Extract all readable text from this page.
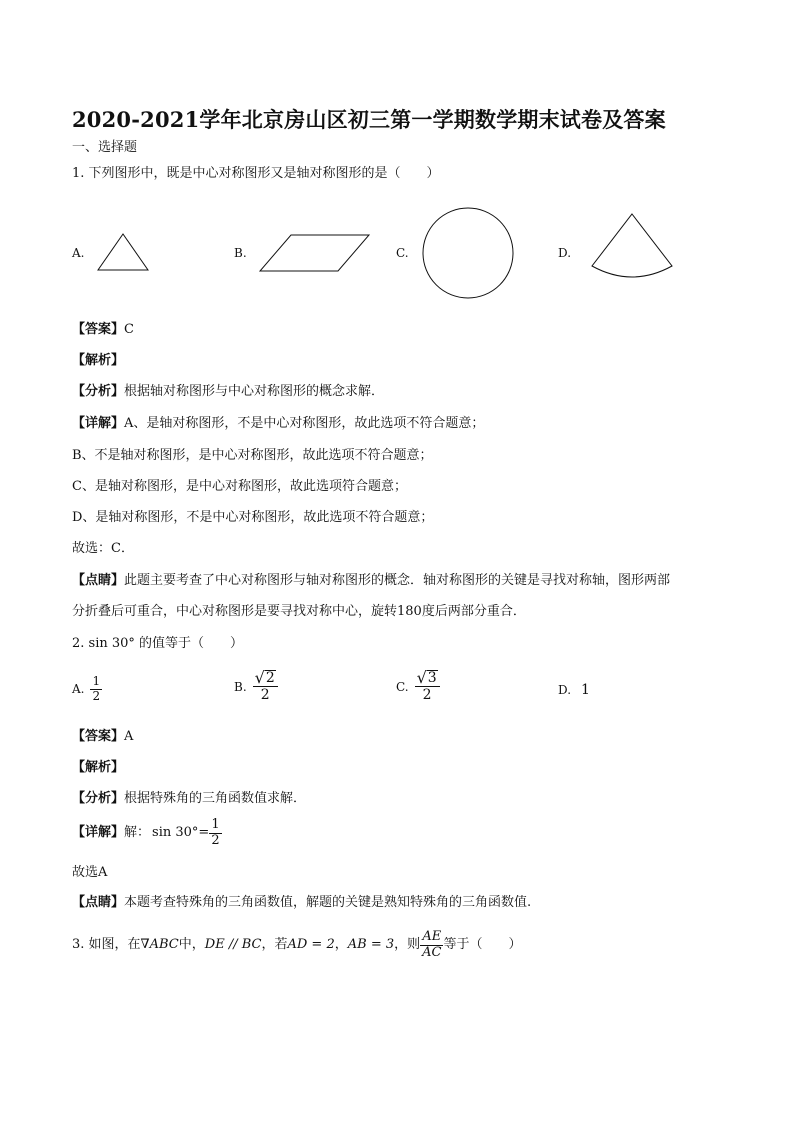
2020-2021学年北京房山区初三第一学期数学期末试卷及答案
一、选择题
1. 下列图形中，既是中心对称图形又是轴对称图形的是（　　）
A.	B.	C.	D.
【答案】C
【解析】
【分析】根据轴对称图形与中心对称图形的概念求解．
【详解】A、是轴对称图形，不是中心对称图形，故此选项不符合题意；
B、不是轴对称图形，是中心对称图形，故此选项不符合题意；
C、是轴对称图形，是中心对称图形，故此选项符合题意；
D、是轴对称图形，不是中心对称图形，故此选项不符合题意；
故选：C．
【点睛】此题主要考查了中心对称图形与轴对称图形的概念．轴对称图形的关键是寻找对称轴，图形两部
分折叠后可重合，中心对称图形是要寻找对称中心，旋转180度后两部分重合．
2. sin 30° 的值等于（　　）
A. $\frac{1}{2}$	B. $\frac{√ 2}{2}$	C. $\frac{√ 3}{2}$	D. 1
【答案】A
【解析】
【分析】根据特殊角的三角函数值求解．
【详解】 解： $\sin 30^\circ= \frac{1}{2}$
故选A
【点睛】本题考查特殊角的三角函数值，解题的关键是熟知特殊角的三角函数值.
3. 如图，在 ∇ABC 中， DE // BC ，若 AD = 2 ， AB = 3 ，则 $\frac{AE}{AC}$ 等于（　　）
